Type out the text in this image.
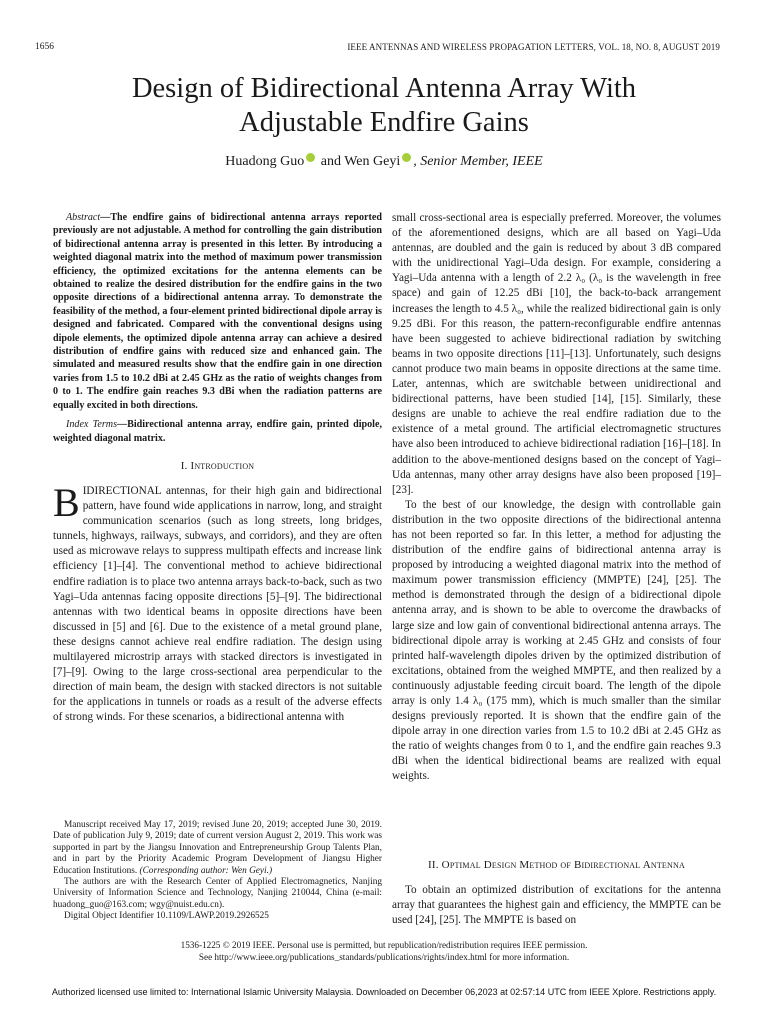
1656	IEEE ANTENNAS AND WIRELESS PROPAGATION LETTERS, VOL. 18, NO. 8, AUGUST 2019
Design of Bidirectional Antenna Array With
Adjustable Endfire Gains
Huadong Guo and Wen Geyi , Senior Member, IEEE

Abstract—The endfire gains of bidirectional antenna arrays reported previously are not adjustable. A method for controlling the gain distribution of bidirectional antenna array is presented in this letter. By introducing a weighted diagonal matrix into the method of maximum power transmission efficiency, the optimized excitations for the antenna elements can be obtained to realize the desired distribution for the endfire gains in the two opposite directions of a bidirectional antenna array. To demonstrate the feasibility of the method, a four-element printed bidirectional dipole array is designed and fabricated. Compared with the conventional designs using dipole elements, the optimized dipole antenna array can achieve a desired distribution of endfire gains with reduced size and enhanced gain. The simulated and measured results show that the endfire gain in one direction varies from 1.5 to 10.2 dBi at 2.45 GHz as the ratio of weights changes from 0 to 1. The endfire gain reaches 9.3 dBi when the radiation patterns are equally excited in both directions.

Index Terms—Bidirectional antenna array, endfire gain, printed dipole, weighted diagonal matrix.

I. Introduction

BIDIRECTIONAL antennas, for their high gain and bidirectional pattern, have found wide applications in narrow, long, and straight communication scenarios (such as long streets, long bridges, tunnels, highways, railways, subways, and corridors), and they are often used as microwave relays to suppress multipath effects and increase link efficiency [1]–[4]. The conventional method to achieve bidirectional endfire radiation is to place two antenna arrays back-to-back, such as two Yagi–Uda antennas facing opposite directions [5]–[9]. The bidirectional antennas with two identical beams in opposite directions have been discussed in [5] and [6]. Due to the existence of a metal ground plane, these designs cannot achieve real endfire radiation. The design using multilayered microstrip arrays with stacked directors is investigated in [7]–[9]. Owing to the large cross-sectional area perpendicular to the direction of main beam, the design with stacked directors is not suitable for the applications in tunnels or roads as a result of the adverse effects of strong winds. For these scenarios, a bidirectional antenna with

Manuscript received May 17, 2019; revised June 20, 2019; accepted June 30, 2019. Date of publication July 9, 2019; date of current version August 2, 2019. This work was supported in part by the Jiangsu Innovation and Entrepreneurship Group Talents Plan, and in part by the Priority Academic Program Development of Jiangsu Higher Education Institutions. (Corresponding author: Wen Geyi.)

The authors are with the Research Center of Applied Electromagnetics, Nanjing University of Information Science and Technology, Nanjing 210044, China (e-mail: huadong_guo@163.com; wgy@nuist.edu.cn).

Digital Object Identifier 10.1109/LAWP.2019.2926525

small cross-sectional area is especially preferred. Moreover, the volumes of the aforementioned designs, which are all based on Yagi–Uda antennas, are doubled and the gain is reduced by about 3 dB compared with the unidirectional Yagi–Uda design. For example, considering a Yagi–Uda antenna with a length of 2.2 λ₀ (λ₀ is the wavelength in free space) and gain of 12.25 dBi [10], the back-to-back arrangement increases the length to 4.5 λ₀, while the realized bidirectional gain is only 9.25 dBi. For this reason, the pattern-reconfigurable endfire antennas have been suggested to achieve bidirectional radiation by switching beams in two opposite directions [11]–[13]. Unfortunately, such designs cannot produce two main beams in opposite directions at the same time. Later, antennas, which are switchable between unidirectional and bidirectional patterns, have been studied [14], [15]. Similarly, these designs are unable to achieve the real endfire radiation due to the existence of a metal ground. The artificial electromagnetic structures have also been introduced to achieve bidirectional radiation [16]–[18]. In addition to the above-mentioned designs based on the concept of Yagi–Uda antennas, many other array designs have also been proposed [19]–[23].

To the best of our knowledge, the design with controllable gain distribution in the two opposite directions of the bidirectional antenna has not been reported so far. In this letter, a method for adjusting the distribution of the endfire gains of bidirectional antenna array is proposed by introducing a weighted diagonal matrix into the method of maximum power transmission efficiency (MMPTE) [24], [25]. The method is demonstrated through the design of a bidirectional dipole antenna array, and is shown to be able to overcome the drawbacks of large size and low gain of conventional bidirectional antenna arrays. The bidirectional dipole array is working at 2.45 GHz and consists of four printed half-wavelength dipoles driven by the optimized distribution of excitations, obtained from the weighed MMPTE, and then realized by a continuously adjustable feeding circuit board. The length of the dipole array is only 1.4 λ₀ (175 mm), which is much smaller than the similar designs previously reported. It is shown that the endfire gain of the dipole array in one direction varies from 1.5 to 10.2 dBi at 2.45 GHz as the ratio of weights changes from 0 to 1, and the endfire gain reaches 9.3 dBi when the identical bidirectional beams are realized with equal weights.

II. Optimal Design Method of Bidirectional Antenna

To obtain an optimized distribution of excitations for the antenna array that guarantees the highest gain and efficiency, the MMPTE can be used [24], [25]. The MMPTE is based on

1536-1225 © 2019 IEEE. Personal use is permitted, but republication/redistribution requires IEEE permission.
See http://www.ieee.org/publications_standards/publications/rights/index.html for more information.
Authorized licensed use limited to: International Islamic University Malaysia. Downloaded on December 06,2023 at 02:57:14 UTC from IEEE Xplore. Restrictions apply.
